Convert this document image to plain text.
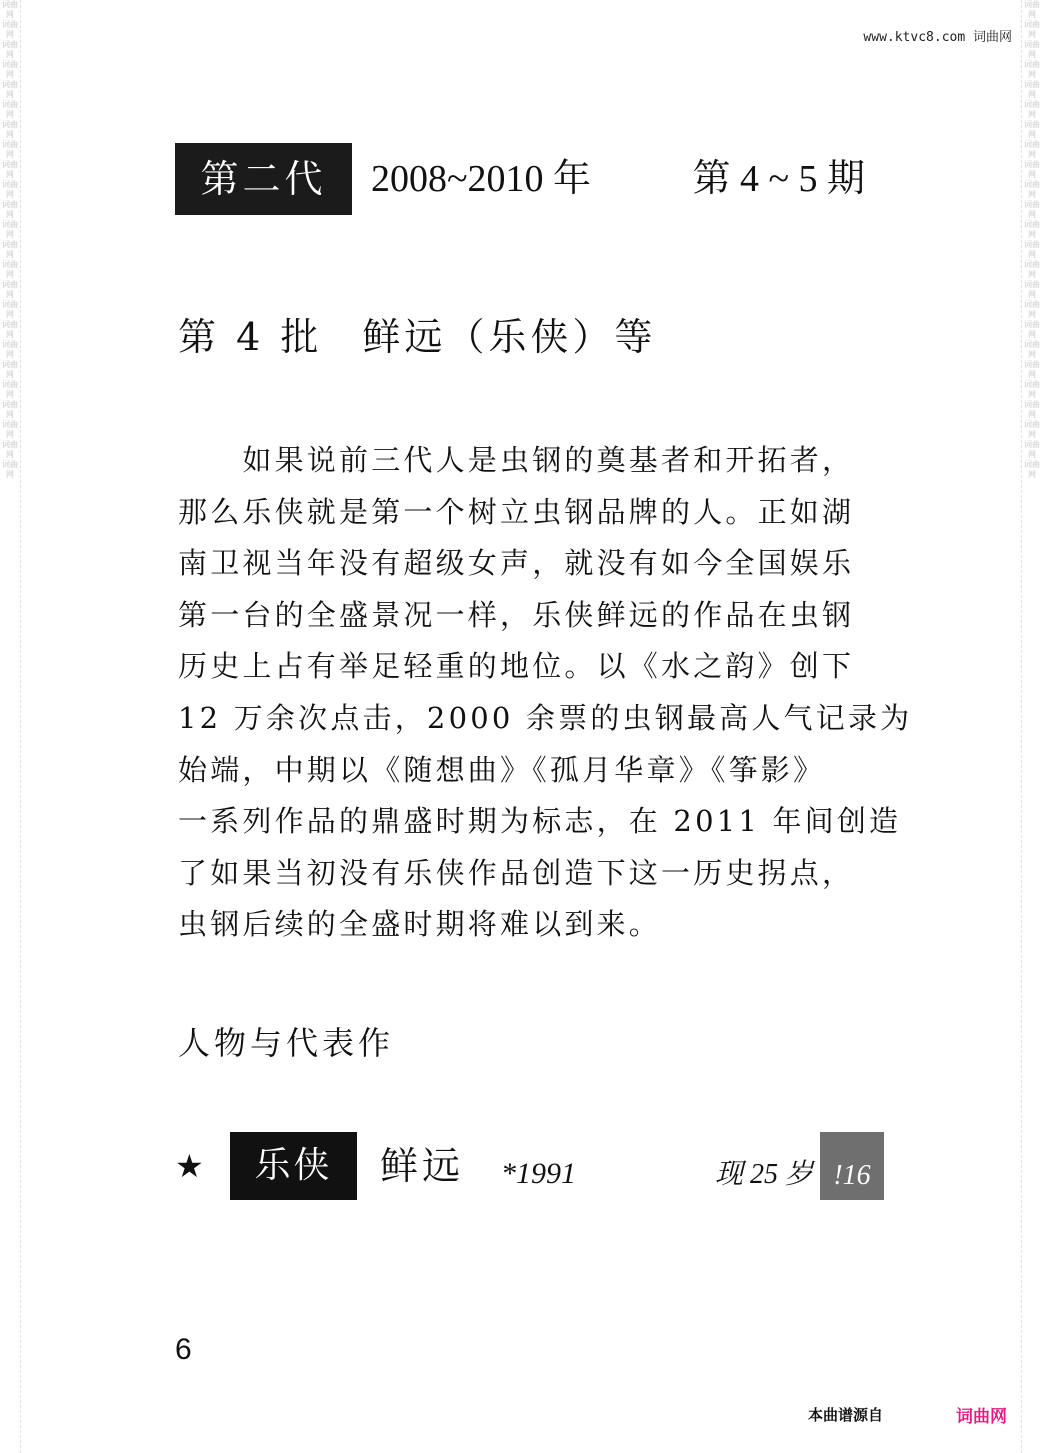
词曲网 词曲网 词曲网 词曲网 词曲网 词曲网 词曲网 词曲网 词曲网 词曲网 词曲网 词曲网 词曲网 词曲网 词曲网 词曲网 词曲网 词曲网 词曲网 词曲网 词曲网 词曲网 词曲网 词曲网
词曲网 词曲网 词曲网 词曲网 词曲网 词曲网 词曲网 词曲网 词曲网 词曲网 词曲网 词曲网 词曲网 词曲网 词曲网 词曲网 词曲网 词曲网 词曲网 词曲网 词曲网 词曲网 词曲网 词曲网
www.ktvc8.com 词曲网
第二代	2008~2010 年	第 4 ~ 5 期
第 4 批 鲜远（乐侠）等

　　如果说前三代人是虫钢的奠基者和开拓者，
那么乐侠就是第一个树立虫钢品牌的人。正如湖
南卫视当年没有超级女声，就没有如今全国娱乐
第一台的全盛景况一样，乐侠鲜远的作品在虫钢
历史上占有举足轻重的地位。以《水之韵》创下
12 万余次点击，2000 余票的虫钢最高人气记录为
始端，中期以《随想曲》《孤月华章》《筝影》
一系列作品的鼎盛时期为标志，在 2011 年间创造
了如果当初没有乐侠作品创造下这一历史拐点，
虫钢后续的全盛时期将难以到来。

人物与代表作
★	乐侠	鲜远 *1991	现 25 岁 !16
6
本曲谱源自	词曲网
